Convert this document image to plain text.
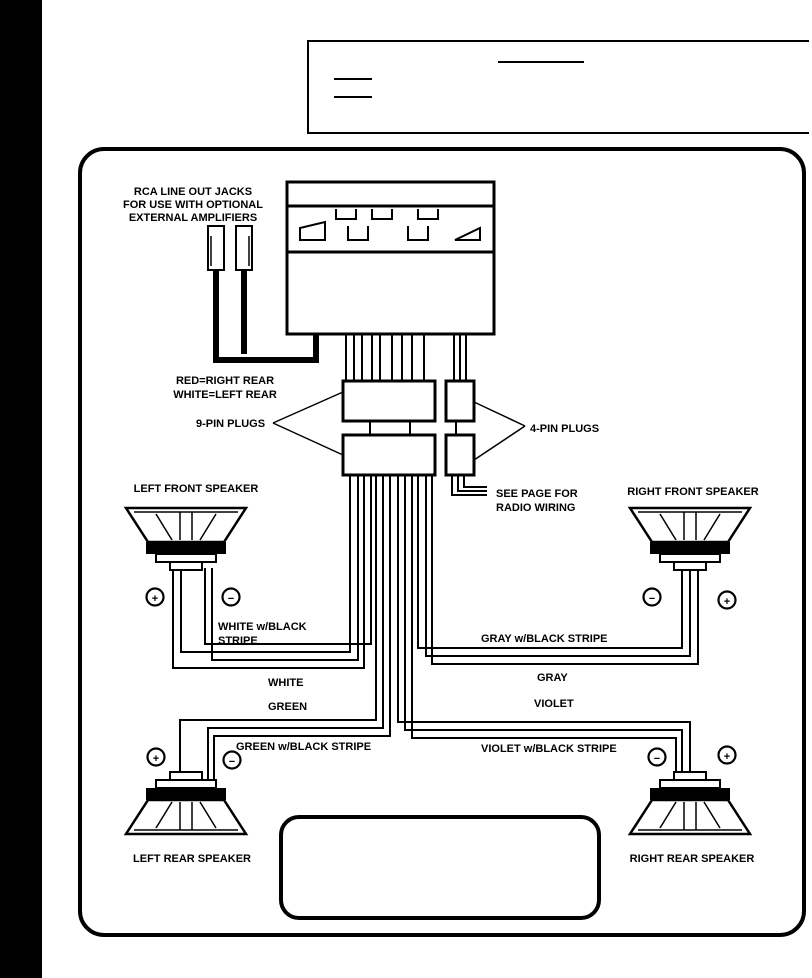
+	−	−	+
+	−	−	+
RCA LINE OUT JACKS
FOR USE WITH OPTIONAL
EXTERNAL AMPLIFIERS
RED=RIGHT REAR
WHITE=LEFT REAR
9-PIN PLUGS	4-PIN PLUGS
SEE PAGE FOR
RADIO WIRING
LEFT FRONT SPEAKER	RIGHT FRONT SPEAKER
LEFT REAR SPEAKER	RIGHT REAR SPEAKER
WHITE w/BLACK
STRIPE
WHITE
GREEN
GREEN w/BLACK STRIPE
GRAY w/BLACK STRIPE
GRAY
VIOLET
VIOLET w/BLACK STRIPE
